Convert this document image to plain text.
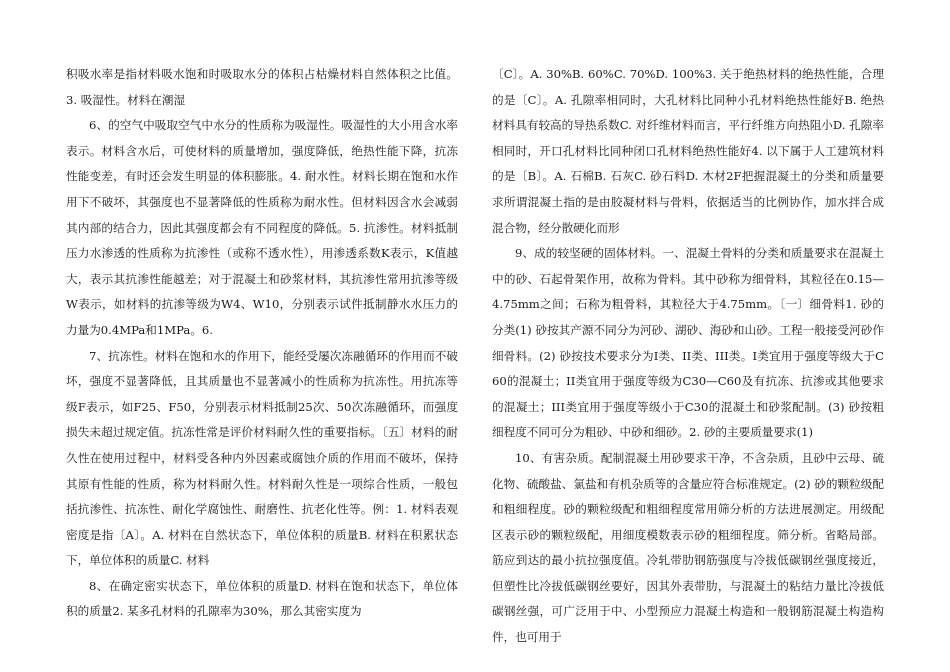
积吸水率是指材料吸水饱和时吸取水分的体积占枯燥材料自然体积之比值。3. 吸湿性。材料在潮湿

6、的空气中吸取空气中水分的性质称为吸湿性。吸湿性的大小用含水率表示。材料含水后，可使材料的质量增加，强度降低，绝热性能下降，抗冻性能变差，有时还会发生明显的体积膨胀。4. 耐水性。材料长期在饱和水作用下不破坏，其强度也不显著降低的性质称为耐水性。但材料因含水会减弱其内部的结合力，因此其强度都会有不同程度的降低。5. 抗渗性。材料抵制压力水渗透的性质称为抗渗性（或称不透水性），用渗透系数K表示，K值越大，表示其抗渗性能越差；对于混凝土和砂浆材料，其抗渗性常用抗渗等级W表示，如材料的抗渗等级为W4、W10，分别表示试件抵制静水水压力的力量为0.4MPa和1MPa。6.

7、抗冻性。材料在饱和水的作用下，能经受屡次冻融循环的作用而不破坏，强度不显著降低，且其质量也不显著减小的性质称为抗冻性。用抗冻等级F表示，如F25、F50，分别表示材料抵制25次、50次冻融循环，而强度损失未超过规定值。抗冻性常是评价材料耐久性的重要指标。〔五〕材料的耐久性在使用过程中，材料受各种内外因素或腐蚀介质的作用而不破坏，保持其原有性能的性质，称为材料耐久性。材料耐久性是一项综合性质，一般包括抗渗性、抗冻性、耐化学腐蚀性、耐磨性、抗老化性等。例：1. 材料表观密度是指〔A〕。A. 材料在自然状态下，单位体积的质量B. 材料在积累状态下，单位体积的质量C. 材料

8、在确定密实状态下，单位体积的质量D. 材料在饱和状态下，单位体积的质量2. 某多孔材料的孔隙率为30%，那么其密实度为

〔C〕。A. 30%B. 60%C. 70%D. 100%3. 关于绝热材料的绝热性能，合理的是〔C〕。A. 孔隙率相同时，大孔材料比同种小孔材料绝热性能好B. 绝热材料具有较高的导热系数C. 对纤维材料而言，平行纤维方向热阻小D. 孔隙率相同时，开口孔材料比同种闭口孔材料绝热性能好4. 以下属于人工建筑材料的是〔B〕。A. 石棉B. 石灰C. 砂石料D. 木材2F把握混凝土的分类和质量要求所谓混凝土指的是由胶凝材料与骨料，依据适当的比例协作，加水拌合成混合物，经分散硬化而形

9、成的较坚硬的固体材料。一、混凝土骨料的分类和质量要求在混凝土中的砂、石起骨架作用，故称为骨料。其中砂称为细骨料，其粒径在0.15—4.75mm之间；石称为粗骨料，其粒径大于4.75mm。〔一〕细骨料1. 砂的分类(1) 砂按其产源不同分为河砂、湖砂、海砂和山砂。工程一般接受河砂作细骨料。(2) 砂按技术要求分为I类、II类、III类。I类宜用于强度等级大于C60的混凝土；II类宜用于强度等级为C30—C60及有抗冻、抗渗或其他要求的混凝土；III类宜用于强度等级小于C30的混凝土和砂浆配制。(3) 砂按粗细程度不同可分为粗砂、中砂和细砂。2. 砂的主要质量要求(1)

10、有害杂质。配制混凝土用砂要求干净，不含杂质，且砂中云母、硫化物、硫酸盐、氯盐和有机杂质等的含量应符合标准规定。(2) 砂的颗粒级配和粗细程度。砂的颗粒级配和粗细程度常用筛分析的方法进展测定。用级配区表示砂的颗粒级配，用细度模数表示砂的粗细程度。筛分析。省略局部。筋应到达的最小抗拉强度值。冷轧带肋钢筋强度与冷拔低碳钢丝强度接近，但塑性比冷拔低碳钢丝要好，因其外表带肋，与混凝土的粘结力量比冷拔低碳钢丝强，可广泛用于中、小型预应力混凝土构造和一般钢筋混凝土构造构件，也可用于
